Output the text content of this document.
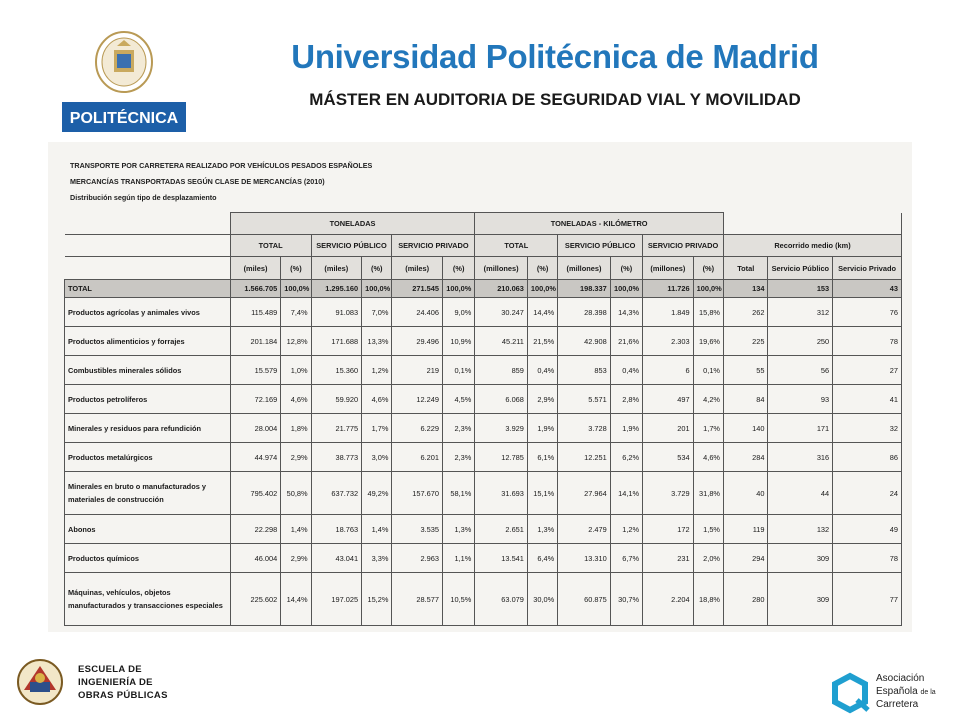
POLITÉCNICA
Universidad Politécnica de Madrid
MÁSTER EN AUDITORIA DE SEGURIDAD VIAL Y MOVILIDAD
TRANSPORTE POR CARRETERA REALIZADO POR VEHÍCULOS PESADOS ESPAÑOLES
MERCANCÍAS TRANSPORTADAS SEGÚN CLASE DE MERCANCÍAS (2010)
Distribución según tipo de desplazamiento
	TONELADAS						TONELADAS - KILÓMETRO								
	TOTAL		SERVICIO PÚBLICO		SERVICIO PRIVADO		TOTAL		SERVICIO PÚBLICO		SERVICIO PRIVADO		Recorrido medio (km)		
	(miles)	(%)	(miles)	(%)	(miles)	(%)	(millones)	(%)	(millones)	(%)	(millones)	(%)	Total	Servicio Público	Servicio Privado
TOTAL	1.566.705	100,0%	1.295.160	100,0%	271.545	100,0%	210.063	100,0%	198.337	100,0%	11.726	100,0%	134	153	43
Productos agrícolas y animales vivos	115.489	7,4%	91.083	7,0%	24.406	9,0%	30.247	14,4%	28.398	14,3%	1.849	15,8%	262	312	76
Productos alimenticios y forrajes	201.184	12,8%	171.688	13,3%	29.496	10,9%	45.211	21,5%	42.908	21,6%	2.303	19,6%	225	250	78
Combustibles minerales sólidos	15.579	1,0%	15.360	1,2%	219	0,1%	859	0,4%	853	0,4%	6	0,1%	55	56	27
Productos petrolíferos	72.169	4,6%	59.920	4,6%	12.249	4,5%	6.068	2,9%	5.571	2,8%	497	4,2%	84	93	41
Minerales y residuos para refundición	28.004	1,8%	21.775	1,7%	6.229	2,3%	3.929	1,9%	3.728	1,9%	201	1,7%	140	171	32
Productos metalúrgicos	44.974	2,9%	38.773	3,0%	6.201	2,3%	12.785	6,1%	12.251	6,2%	534	4,6%	284	316	86
Minerales en bruto o manufacturados y materiales de construcción	795.402	50,8%	637.732	49,2%	157.670	58,1%	31.693	15,1%	27.964	14,1%	3.729	31,8%	40	44	24
Abonos	22.298	1,4%	18.763	1,4%	3.535	1,3%	2.651	1,3%	2.479	1,2%	172	1,5%	119	132	49
Productos químicos	46.004	2,9%	43.041	3,3%	2.963	1,1%	13.541	6,4%	13.310	6,7%	231	2,0%	294	309	78
Máquinas, vehículos, objetos manufacturados y transacciones especiales	225.602	14,4%	197.025	15,2%	28.577	10,5%	63.079	30,0%	60.875	30,7%	2.204	18,8%	280	309	77
ESCUELA DE
INGENIERÍA DE
OBRAS PÚBLICAS
Asociación
Española de la
Carretera
